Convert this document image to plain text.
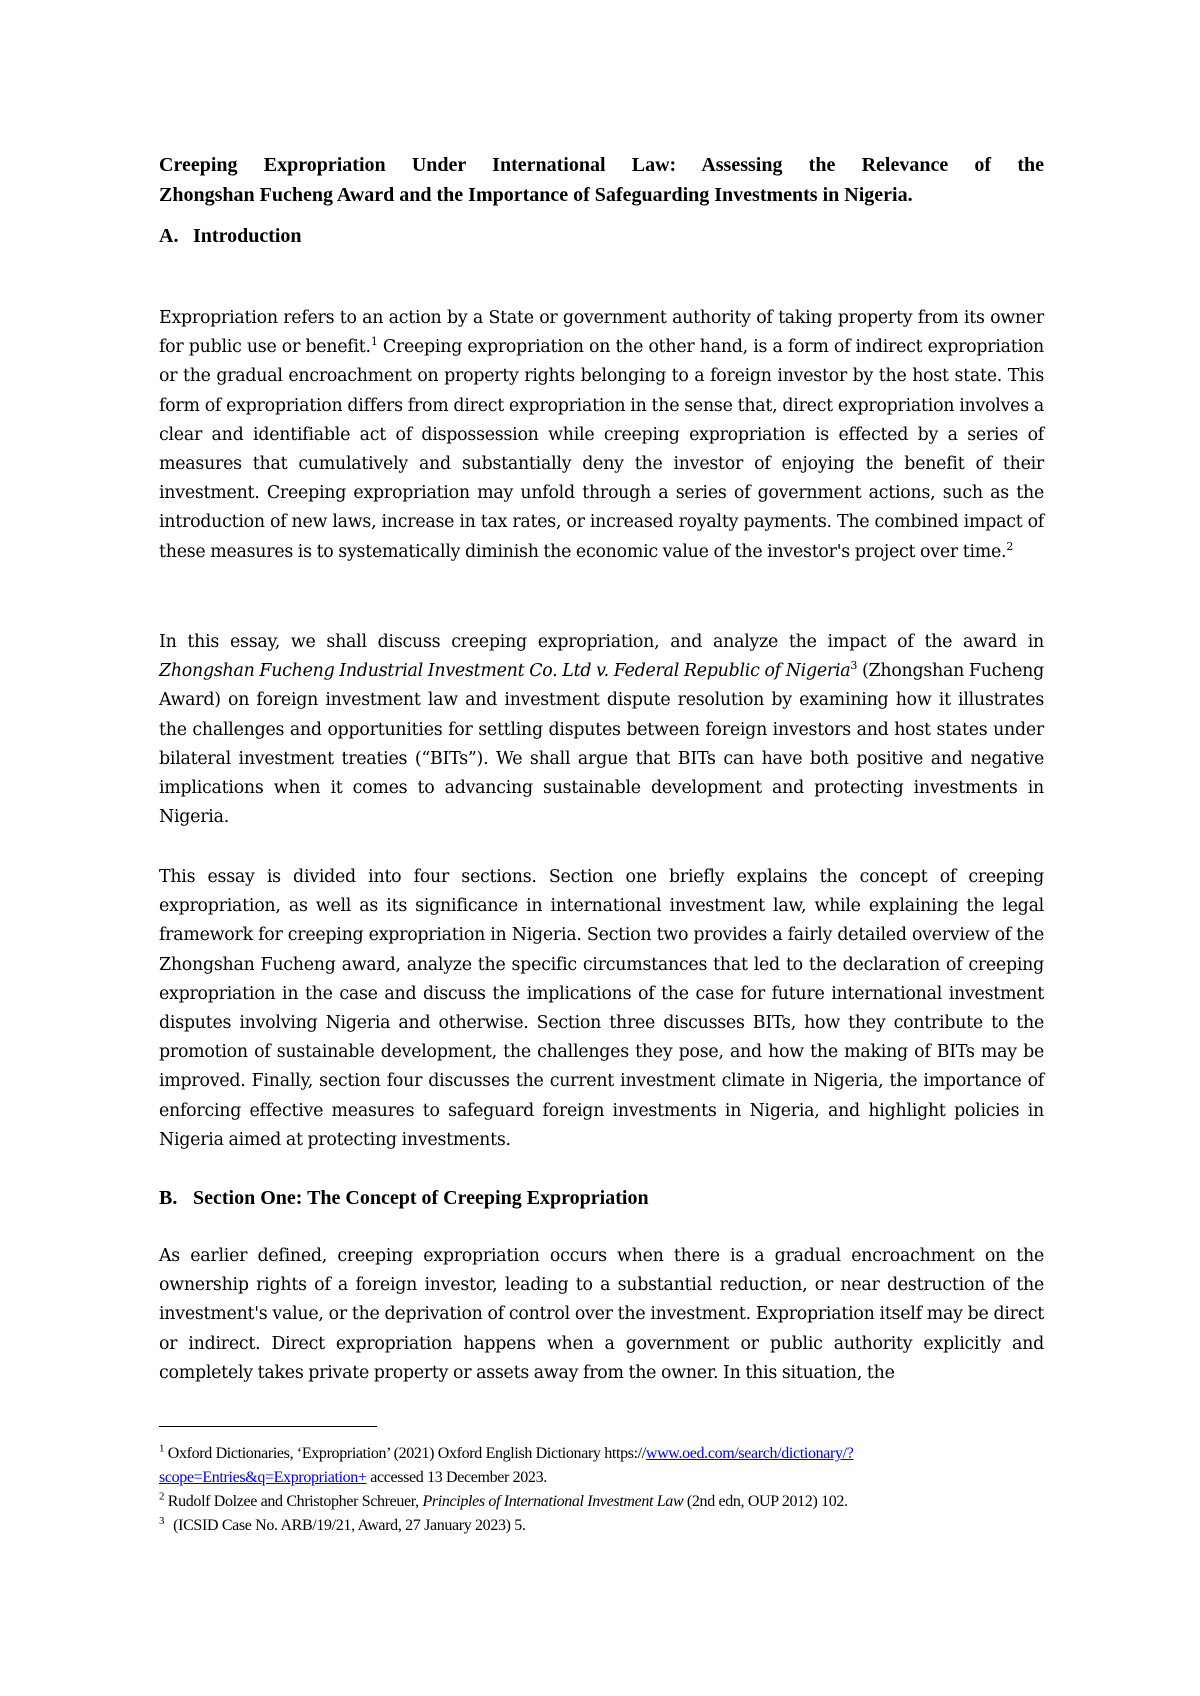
Creeping Expropriation Under International Law: Assessing the Relevance of the
Zhongshan Fucheng Award and the Importance of Safeguarding Investments in Nigeria.
A. Introduction

Expropriation refers to an action by a State or government authority of taking property from its owner for public use or benefit.$^1$ Creeping expropriation on the other hand, is a form of indirect expropriation or the gradual encroachment on property rights belonging to a foreign investor by the host state. This form of expropriation differs from direct expropriation in the sense that, direct expropriation involves a clear and identifiable act of dispossession while creeping expropriation is effected by a series of measures that cumulatively and substantially deny the investor of enjoying the benefit of their investment. Creeping expropriation may unfold through a series of government actions, such as the introduction of new laws, increase in tax rates, or increased royalty payments. The combined impact of these measures is to systematically diminish the economic value of the investor's project over time.$^2$

In this essay, we shall discuss creeping expropriation, and analyze the impact of the award in Zhongshan Fucheng Industrial Investment Co. Ltd v. Federal Republic of Nigeria$^3$ (Zhongshan Fucheng Award) on foreign investment law and investment dispute resolution by examining how it illustrates the challenges and opportunities for settling disputes between foreign investors and host states under bilateral investment treaties (“BITs”). We shall argue that BITs can have both positive and negative implications when it comes to advancing sustainable development and protecting investments in Nigeria.

This essay is divided into four sections. Section one briefly explains the concept of creeping expropriation, as well as its significance in international investment law, while explaining the legal framework for creeping expropriation in Nigeria. Section two provides a fairly detailed overview of the Zhongshan Fucheng award, analyze the specific circumstances that led to the declaration of creeping expropriation in the case and discuss the implications of the case for future international investment disputes involving Nigeria and otherwise. Section three discusses BITs, how they contribute to the promotion of sustainable development, the challenges they pose, and how the making of BITs may be improved. Finally, section four discusses the current investment climate in Nigeria, the importance of enforcing effective measures to safeguard foreign investments in Nigeria, and highlight policies in Nigeria aimed at protecting investments.

B. Section One: The Concept of Creeping Expropriation

As earlier defined, creeping expropriation occurs when there is a gradual encroachment on the ownership rights of a foreign investor, leading to a substantial reduction, or near destruction of the investment's value, or the deprivation of control over the investment. Expropriation itself may be direct or indirect. Direct expropriation happens when a government or public authority explicitly and completely takes private property or assets away from the owner. In this situation, the

$^1$ Oxford Dictionaries, ‘Expropriation’ (2021) Oxford English Dictionary https://www.oed.com/search/dictionary/?scope=Entries&q=Expropriation+ accessed 13 December 2023.

$^2$ Rudolf Dolzee and Christopher Schreuer, Principles of International Investment Law (2nd edn, OUP 2012) 102.

$^3$ (ICSID Case No. ARB/19/21, Award, 27 January 2023) 5.
